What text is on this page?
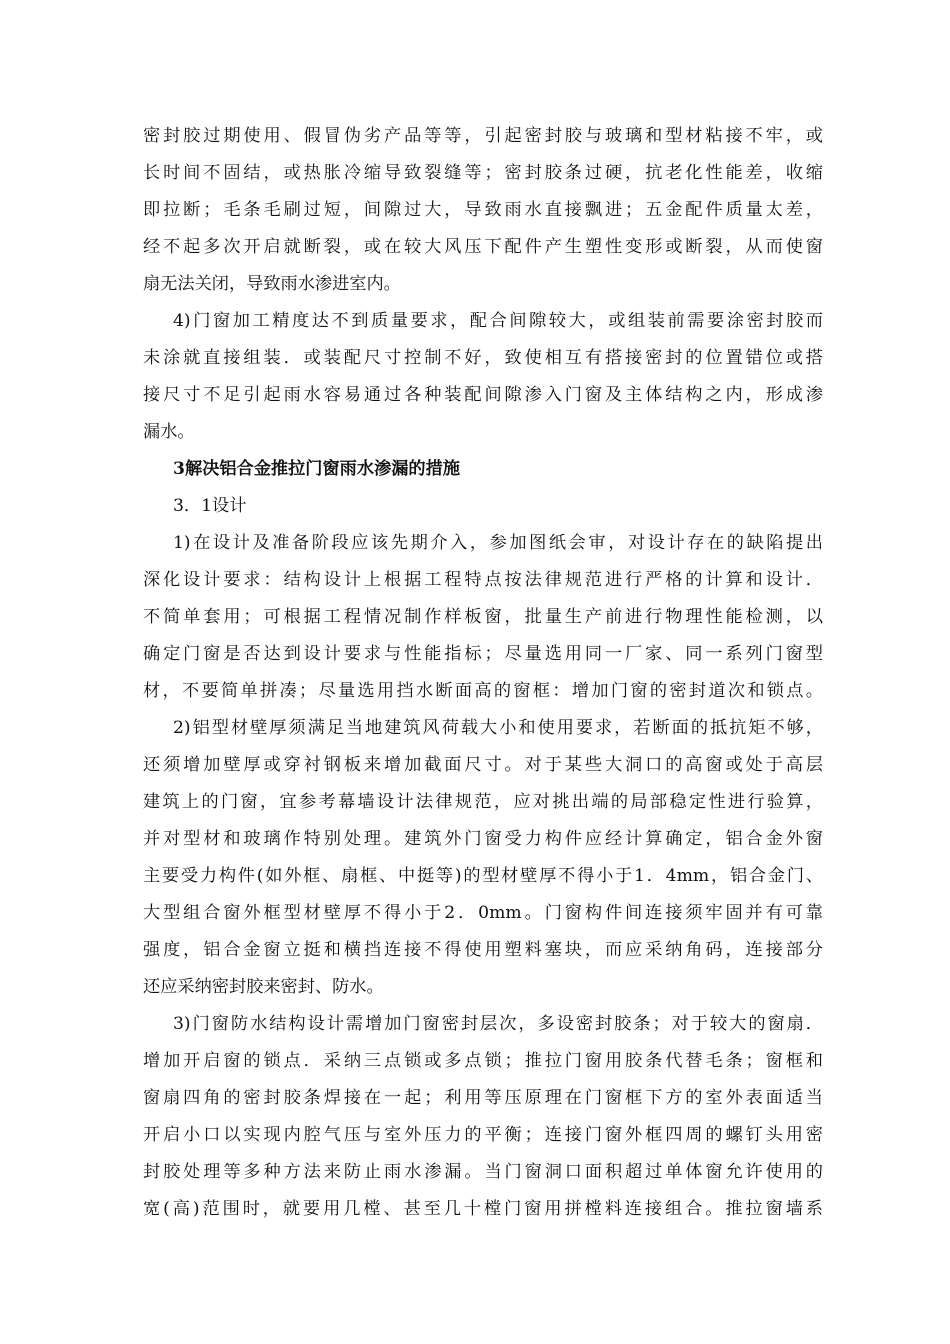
密封胶过期使用、假冒伪劣产品等等，引起密封胶与玻璃和型材粘接不牢，或
长时间不固结，或热胀冷缩导致裂缝等；密封胶条过硬，抗老化性能差，收缩
即拉断；毛条毛刷过短，间隙过大，导致雨水直接飘进；五金配件质量太差，
经不起多次开启就断裂，或在较大风压下配件产生塑性变形或断裂，从而使窗
扇无法关闭，导致雨水渗进室内。
4)门窗加工精度达不到质量要求，配合间隙较大，或组装前需要涂密封胶而
未涂就直接组装．或装配尺寸控制不好，致使相互有搭接密封的位置错位或搭
接尺寸不足引起雨水容易通过各种装配间隙渗入门窗及主体结构之内，形成渗
漏水。
3解决铝合金推拉门窗雨水渗漏的措施
3．1设计
1)在设计及准备阶段应该先期介入，参加图纸会审，对设计存在的缺陷提出
深化设计要求：结构设计上根据工程特点按法律规范进行严格的计算和设计．
不简单套用；可根据工程情况制作样板窗，批量生产前进行物理性能检测，以
确定门窗是否达到设计要求与性能指标；尽量选用同一厂家、同一系列门窗型
材，不要简单拼凑；尽量选用挡水断面高的窗框：增加门窗的密封道次和锁点。
2)铝型材壁厚须满足当地建筑风荷载大小和使用要求，若断面的抵抗矩不够，
还须增加壁厚或穿衬钢板来增加截面尺寸。对于某些大洞口的高窗或处于高层
建筑上的门窗，宜参考幕墙设计法律规范，应对挑出端的局部稳定性进行验算，
并对型材和玻璃作特别处理。建筑外门窗受力构件应经计算确定，铝合金外窗
主要受力构件(如外框、扇框、中挺等)的型材壁厚不得小于1．4mm，铝合金门、
大型组合窗外框型材壁厚不得小于2．0mm。门窗构件间连接须牢固并有可靠
强度，铝合金窗立挺和横挡连接不得使用塑料塞块，而应采纳角码，连接部分
还应采纳密封胶来密封、防水。
3)门窗防水结构设计需增加门窗密封层次，多设密封胶条；对于较大的窗扇．
增加开启窗的锁点．采纳三点锁或多点锁；推拉门窗用胶条代替毛条；窗框和
窗扇四角的密封胶条焊接在一起；利用等压原理在门窗框下方的室外表面适当
开启小口以实现内腔气压与室外压力的平衡；连接门窗外框四周的螺钉头用密
封胶处理等多种方法来防止雨水渗漏。当门窗洞口面积超过单体窗允许使用的
宽(高)范围时，就要用几樘、甚至几十樘门窗用拼樘料连接组合。推拉窗墙系
